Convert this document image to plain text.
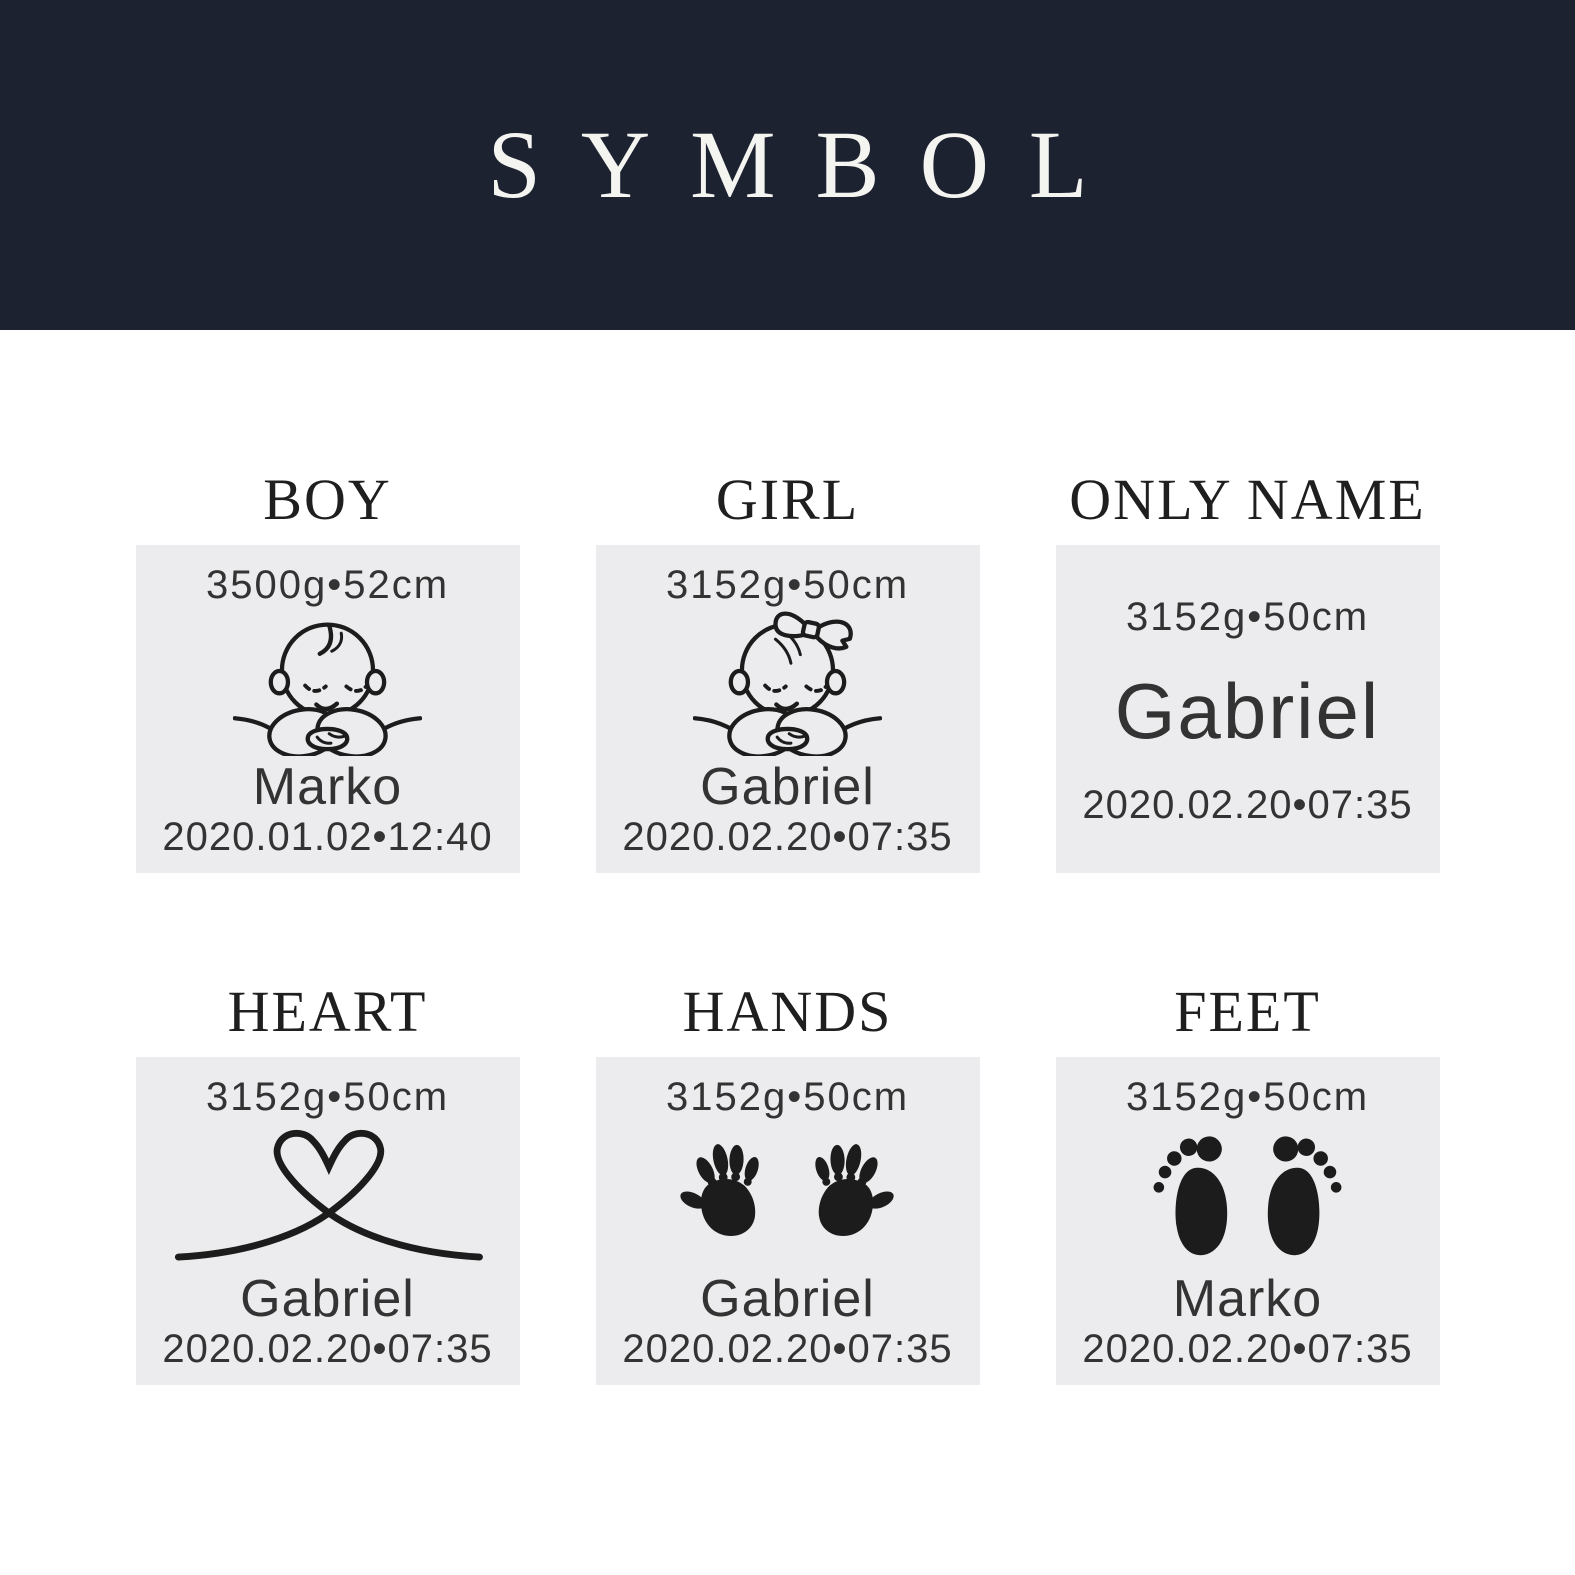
SYMBOL
BOY
3500g•52cm
Marko
2020.01.02•12:40
GIRL
3152g•50cm
Gabriel
2020.02.20•07:35
ONLY NAME
3152g•50cm
Gabriel
2020.02.20•07:35
HEART
3152g•50cm
Gabriel
2020.02.20•07:35
HANDS
3152g•50cm
Gabriel
2020.02.20•07:35
FEET
3152g•50cm
Marko
2020.02.20•07:35
